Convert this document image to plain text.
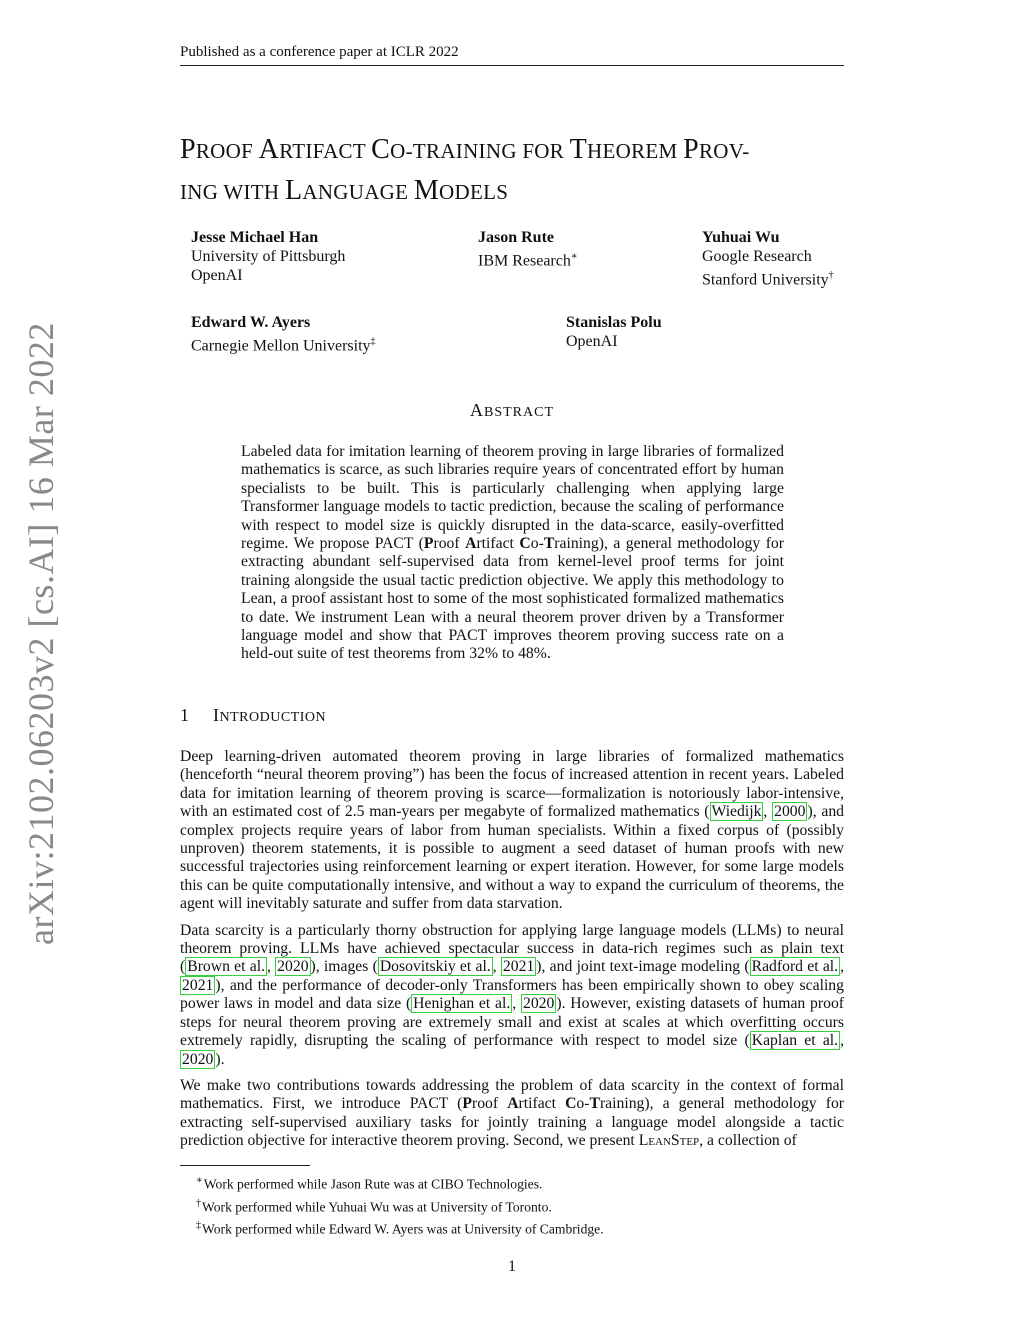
Published as a conference paper at ICLR 2022
PROOF ARTIFACT CO-TRAINING FOR THEOREM PROV-
ING WITH LANGUAGE MODELS
Jesse Michael Han
University of Pittsburgh
OpenAI
Jason Rute
IBM Research∗
Yuhuai Wu
Google Research
Stanford University†
Edward W. Ayers
Carnegie Mellon University‡
Stanislas Polu
OpenAI
ABSTRACT
Labeled data for imitation learning of theorem proving in large libraries of formalized mathematics is scarce, as such libraries require years of concentrated effort by human specialists to be built. This is particularly challenging when applying large Transformer language models to tactic prediction, because the scaling of performance with respect to model size is quickly disrupted in the data-scarce, easily-overfitted regime. We propose PACT (Proof Artifact Co-Training), a general methodology for extracting abundant self-supervised data from kernel-level proof terms for joint training alongside the usual tactic prediction objective. We apply this methodology to Lean, a proof assistant host to some of the most sophisticated formalized mathematics to date. We instrument Lean with a neural theorem prover driven by a Transformer language model and show that PACT improves theorem proving success rate on a held-out suite of test theorems from 32% to 48%.
1 INTRODUCTION

Deep learning-driven automated theorem proving in large libraries of formalized mathematics (henceforth “neural theorem proving”) has been the focus of increased attention in recent years. Labeled data for imitation learning of theorem proving is scarce—formalization is notoriously labor-intensive, with an estimated cost of 2.5 man-years per megabyte of formalized mathematics ( Wiedijk , 2000 ), and complex projects require years of labor from human specialists. Within a fixed corpus of (possibly unproven) theorem statements, it is possible to augment a seed dataset of human proofs with new successful trajectories using reinforcement learning or expert iteration. However, for some large models this can be quite computationally intensive, and without a way to expand the curriculum of theorems, the agent will inevitably saturate and suffer from data starvation.

Data scarcity is a particularly thorny obstruction for applying large language models (LLMs) to neural theorem proving. LLMs have achieved spectacular success in data-rich regimes such as plain text ( Brown et al. , 2020 ), images ( Dosovitskiy et al. , 2021 ), and joint text-image modeling ( Radford et al. , 2021 ), and the performance of decoder-only Transformers has been empirically shown to obey scaling power laws in model and data size ( Henighan et al. , 2020 ). However, existing datasets of human proof steps for neural theorem proving are extremely small and exist at scales at which overfitting occurs extremely rapidly, disrupting the scaling of performance with respect to model size ( Kaplan et al. , 2020 ).

We make two contributions towards addressing the problem of data scarcity in the context of formal mathematics. First, we introduce PACT (Proof Artifact Co-Training), a general methodology for extracting self-supervised auxiliary tasks for jointly training a language model alongside a tactic prediction objective for interactive theorem proving. Second, we present LeanStep, a collection of

∗Work performed while Jason Rute was at CIBO Technologies.
†Work performed while Yuhuai Wu was at University of Toronto.
‡Work performed while Edward W. Ayers was at University of Cambridge.
1
arXiv:2102.06203v2 [cs.AI] 16 Mar 2022
